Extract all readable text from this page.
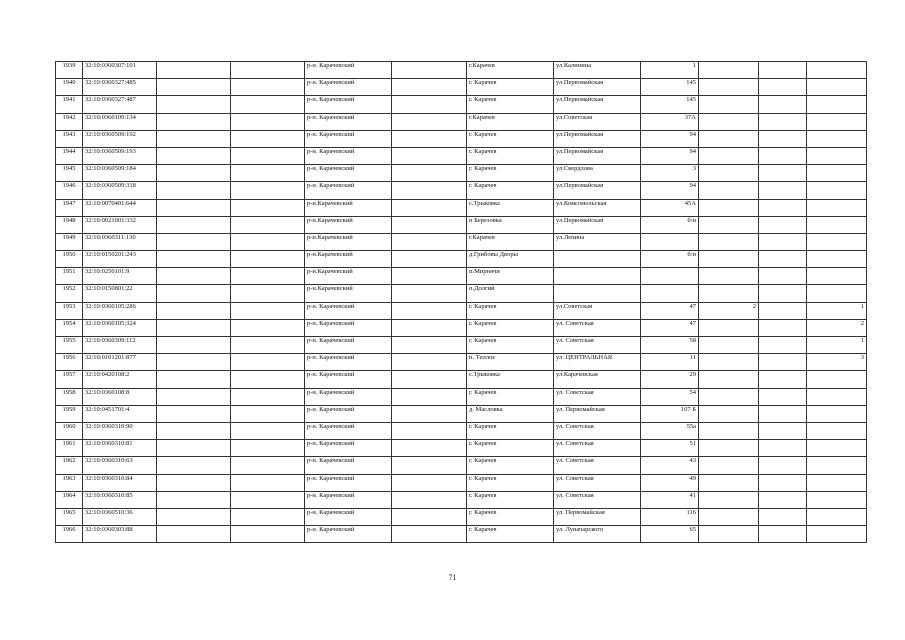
1939	32:10:0360307:101			р-н. Карачевский		г.Карачев	ул.Калинина	1			
1940	32:10:0360327:485			р-н. Карачевский		г. Карачев	ул.Первомайская	145			
1941	32:10:0360327:487			р-н. Карачевский		г. Карачев	ул.Первомайская	145			
1942	32:10:0360109:134			р-н. Карачевский		г.Карачев	ул.Советская	37А			
1943	32:10:0360509:192			р-н. Карачевский		г. Карачев	ул.Первомайская	94			
1944	32:10:0360509:193			р-н. Карачевский		г. Карачев	ул.Первомайская	94			
1945	32:10:0360509:184			р-н. Карачевский		г. Карачев	ул.Свердлова	3			
1946	32:10:0360509:318			р-н. Карачевский		г. Карачев	ул.Первомайская	94			
1947	32:10:0070401:644			р-н.Карачевский		с.Трыковка	ул.Комсомольская	45А			
1948	32:10:0021001:332			р-н.Карачевский		п Березовка	ул.Первомайская	б/н			
1949	32:10:0360311:130			р-н.Карачевский		г.Карачев	ул.Ленина				
1950	32:10:0150201:243			р-н.Карачевский		д.Грибовы Дворы		б/н			
1951	32:10:0250101:9			р-н.Карачевский		п.Мирнячи					
1952	32:10:0150801:22			р-н.Карачевский		п.Долгий					
1953	32:10:0360105:286			р-н. Карачевский		г. Карачев	ул.Советская	47	2		1
1954	32:10:0360105:324			р-н. Карачевский		г. Карачев	ул. Советская	47			2
1955	32:10:0360309:112			р-н. Карачевский		г. Карачев	ул. Советская	58			1
1956	32:10:0101201:877			р-н. Карачевский		п. Теплое	ул. ЦЕНТРАЛЬНАЯ	11			3
1957	32:10:0420108:2			р-н. Карачевский		с.Трыковка	ул.Карачевская	29			
1958	32:10:0360108:8			р-н. Карачевский		г. Карачев	ул. Советская	54			
1959	32:10:0451701:4			р-н. Карачевский		д. Масловка	ул. Первомайская	107 Б			
1960	32:10:0360310:90			р-н. Карачевский		г. Карачев	ул. Советская	55а			
1961	32:10:0360310:81			р-н. Карачевский		г. Карачев	ул. Советская	51			
1962	32:10:0360310:63			р-н. Карачевский		г. Карачев	ул. Советская	43			
1963	32:10:0360310:84			р-н. Карачевский		г. Карачев	ул. Советская	49			
1964	32:10:0360310:85			р-н. Карачевский		г. Карачев	ул. Советская	41			
1965	32:10:0360510:36			р-н. Карачевский		г. Карачев	ул. Первомайская	116			
1966	32:10:0360303:88			р-н. Карачевский		г. Карачев	ул. Луначарского	65			
71
